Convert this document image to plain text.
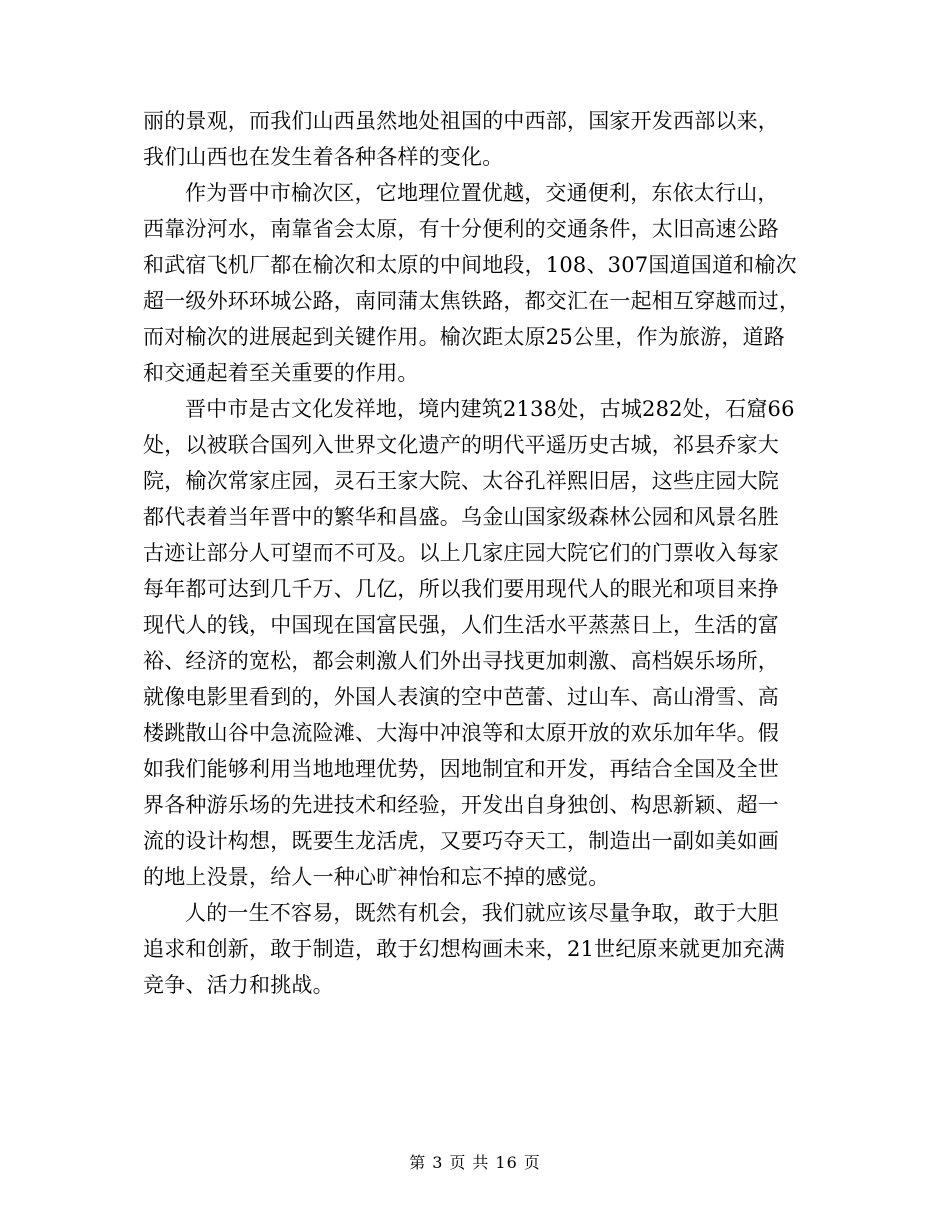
丽的景观，而我们山西虽然地处祖国的中西部，国家开发西部以来，
我们山西也在发生着各种各样的变化。
作为晋中市榆次区，它地理位置优越，交通便利，东依太行山，
西靠汾河水，南靠省会太原，有十分便利的交通条件，太旧高速公路
和武宿飞机厂都在榆次和太原的中间地段，108、307国道国道和榆次
超一级外环环城公路，南同蒲太焦铁路，都交汇在一起相互穿越而过，
而对榆次的进展起到关键作用。榆次距太原25公里，作为旅游，道路
和交通起着至关重要的作用。
晋中市是古文化发祥地，境内建筑2138处，古城282处，石窟66
处，以被联合国列入世界文化遗产的明代平遥历史古城，祁县乔家大
院，榆次常家庄园，灵石王家大院、太谷孔祥熙旧居，这些庄园大院
都代表着当年晋中的繁华和昌盛。乌金山国家级森林公园和风景名胜
古迹让部分人可望而不可及。以上几家庄园大院它们的门票收入每家
每年都可达到几千万、几亿，所以我们要用现代人的眼光和项目来挣
现代人的钱，中国现在国富民强，人们生活水平蒸蒸日上，生活的富
裕、经济的宽松，都会刺激人们外出寻找更加刺激、高档娱乐场所，
就像电影里看到的，外国人表演的空中芭蕾、过山车、高山滑雪、高
楼跳散山谷中急流险滩、大海中冲浪等和太原开放的欢乐加年华。假
如我们能够利用当地地理优势，因地制宜和开发，再结合全国及全世
界各种游乐场的先进技术和经验，开发出自身独创、构思新颖、超一
流的设计构想，既要生龙活虎，又要巧夺天工，制造出一副如美如画
的地上没景，给人一种心旷神怡和忘不掉的感觉。
人的一生不容易，既然有机会，我们就应该尽量争取，敢于大胆
追求和创新，敢于制造，敢于幻想构画未来，21世纪原来就更加充满
竞争、活力和挑战。
第 3 页 共 16 页
